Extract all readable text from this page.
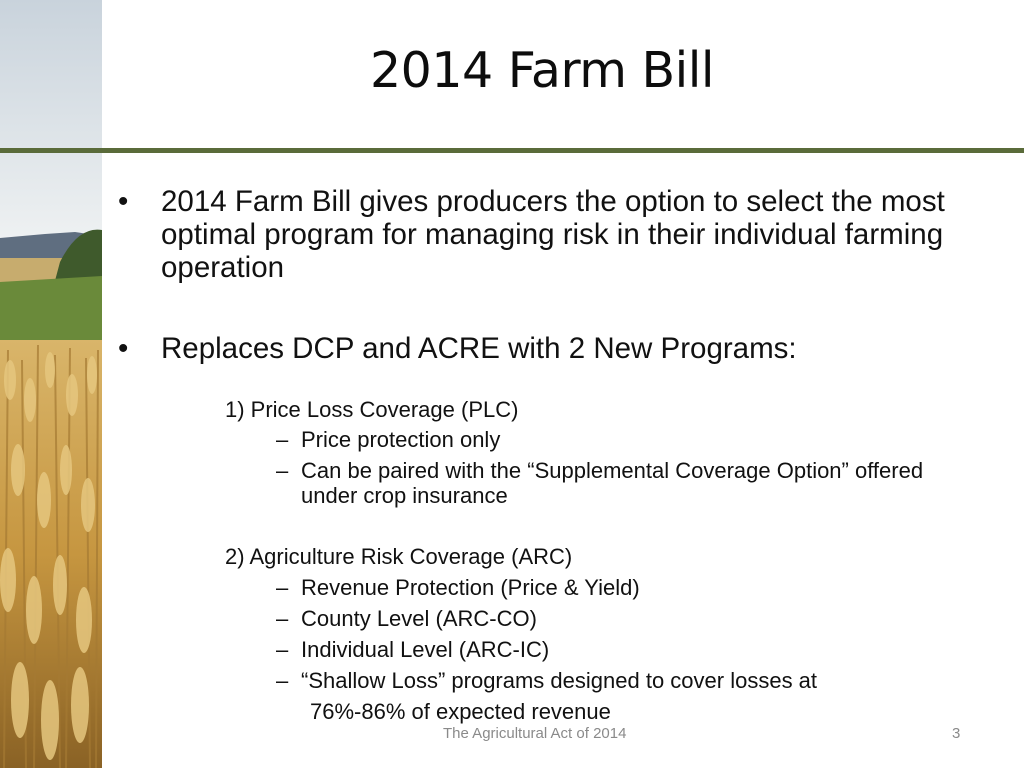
2014 Farm Bill
• 2014 Farm Bill gives producers the option to select the most optimal program for managing risk in their individual farming operation
• Replaces DCP and ACRE with 2 New Programs:
1) Price Loss Coverage (PLC)
– Price protection only
– Can be paired with the “Supplemental Coverage Option” offered under crop insurance
2) Agriculture Risk Coverage (ARC)
– Revenue Protection (Price & Yield)
– County Level (ARC-CO)
– Individual Level (ARC-IC)
– “Shallow Loss” programs designed to cover losses at
76%-86% of expected revenue
The Agricultural Act of 2014	3
